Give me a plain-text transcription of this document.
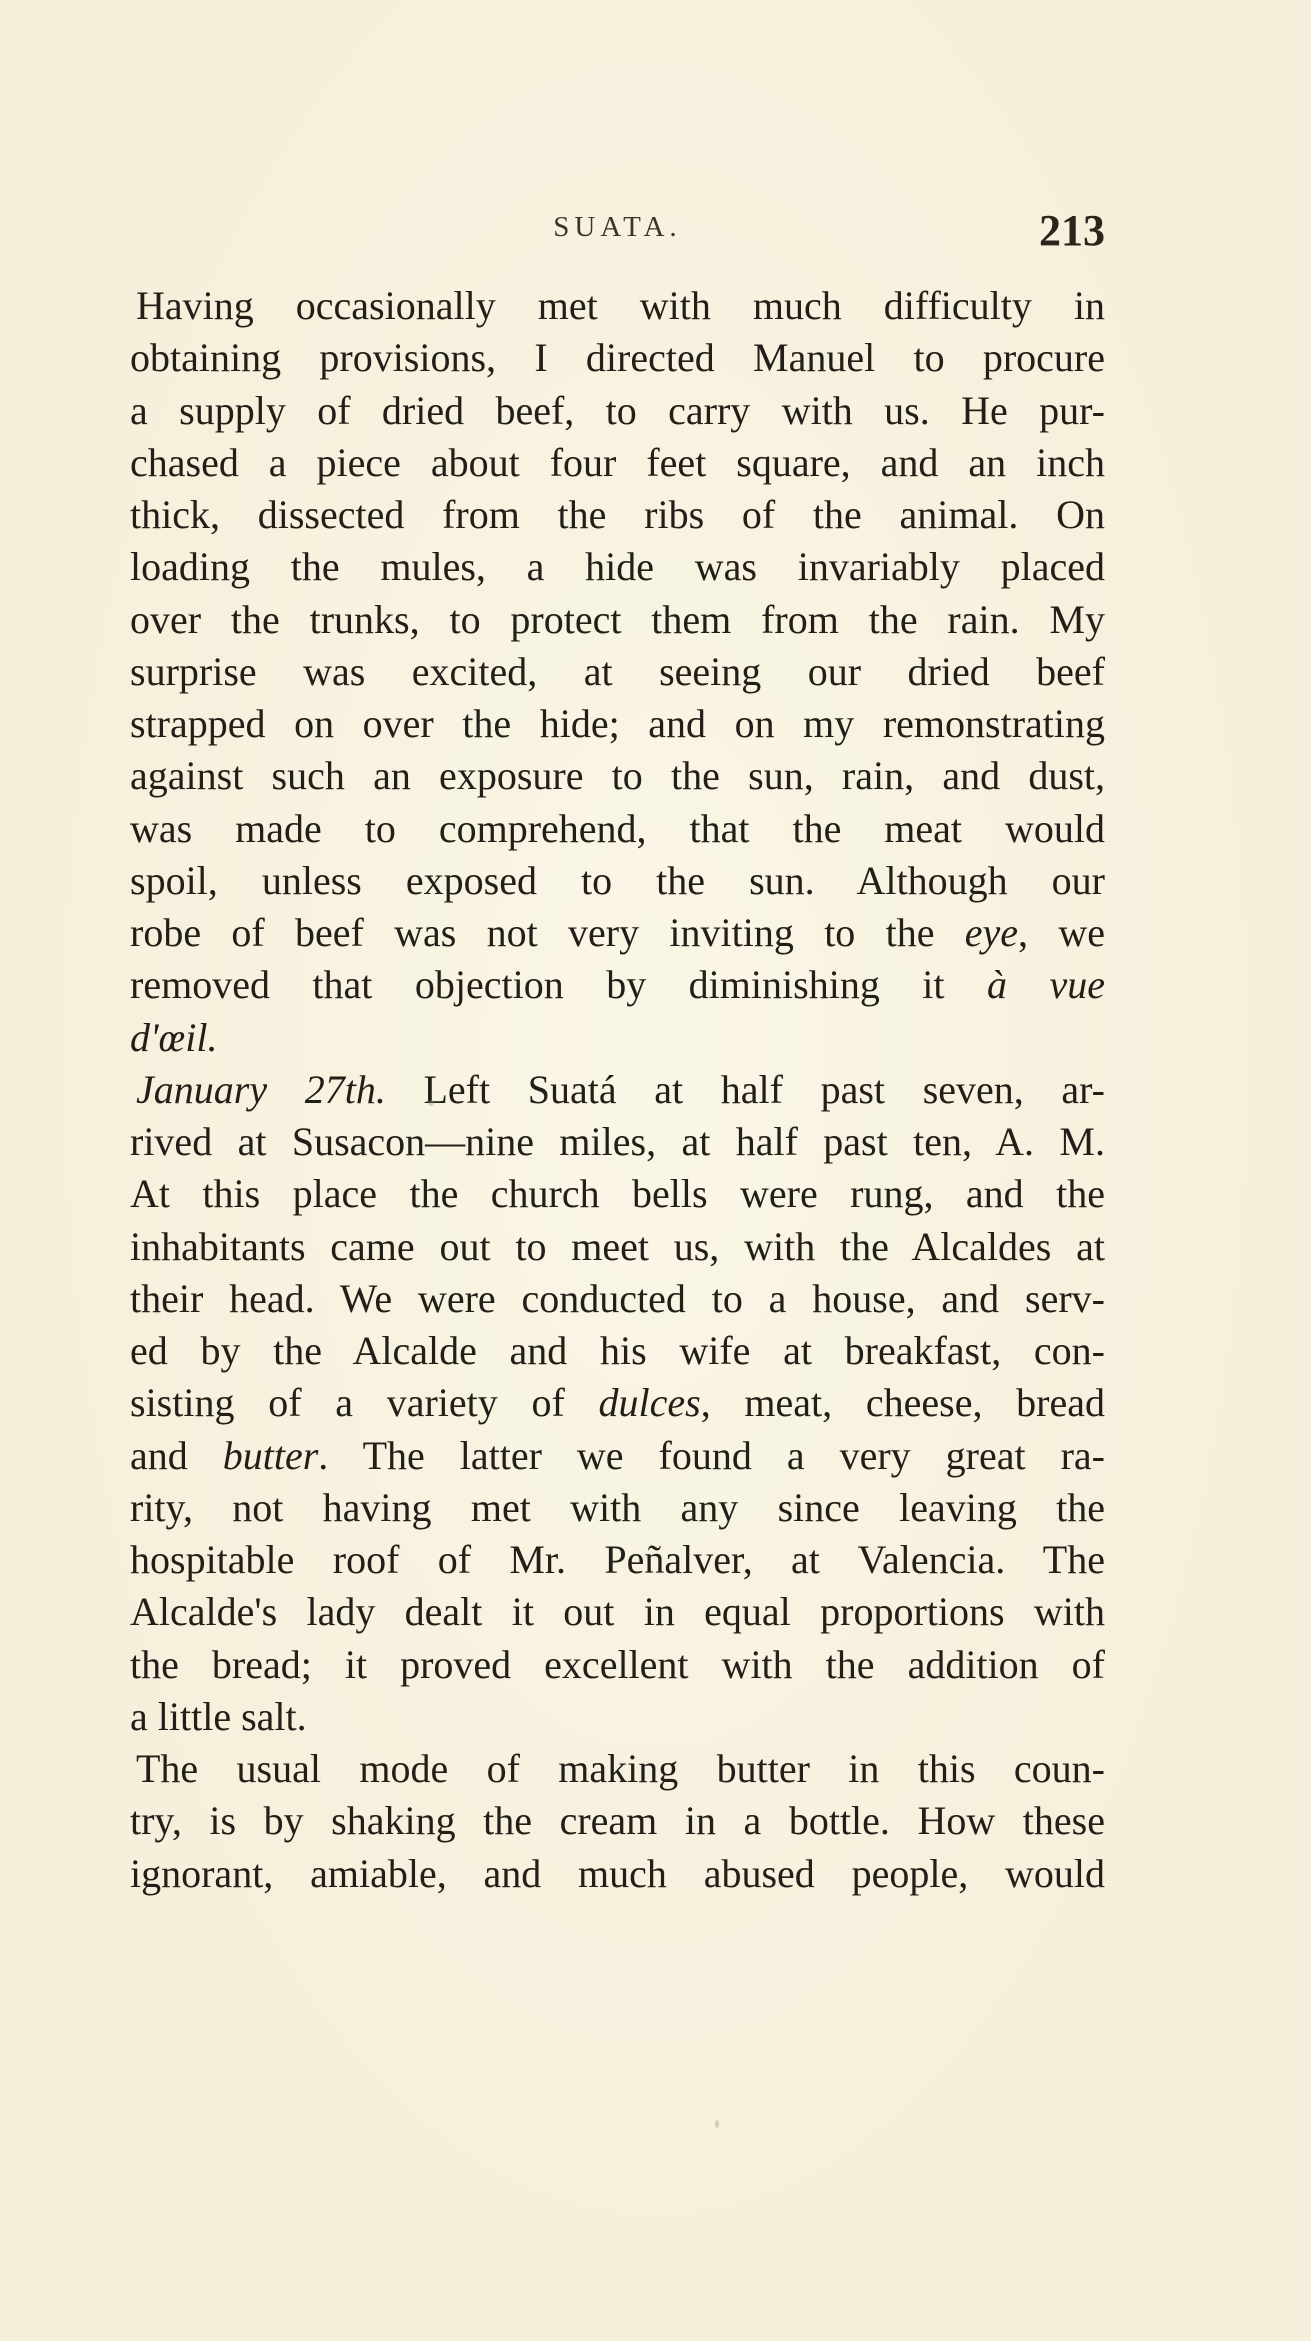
SUATA.	213
Having occasionally met with much difficulty in
obtaining provisions, I directed Manuel to procure
a supply of dried beef, to carry with us. He pur-
chased a piece about four feet square, and an inch
thick, dissected from the ribs of the animal. On
loading the mules, a hide was invariably placed
over the trunks, to protect them from the rain. My
surprise was excited, at seeing our dried beef
strapped on over the hide; and on my remonstrating
against such an exposure to the sun, rain, and dust,
was made to comprehend, that the meat would
spoil, unless exposed to the sun. Although our
robe of beef was not very inviting to the eye, we
removed that objection by diminishing it à vue
d'œil.
January 27th. Left Suatá at half past seven, ar-
rived at Susacon—nine miles, at half past ten, A. M.
At this place the church bells were rung, and the
inhabitants came out to meet us, with the Alcaldes at
their head. We were conducted to a house, and serv-
ed by the Alcalde and his wife at breakfast, con-
sisting of a variety of dulces, meat, cheese, bread
and butter. The latter we found a very great ra-
rity, not having met with any since leaving the
hospitable roof of Mr. Peñalver, at Valencia. The
Alcalde's lady dealt it out in equal proportions with
the bread; it proved excellent with the addition of
a little salt.
The usual mode of making butter in this coun-
try, is by shaking the cream in a bottle. How these
ignorant, amiable, and much abused people, would
